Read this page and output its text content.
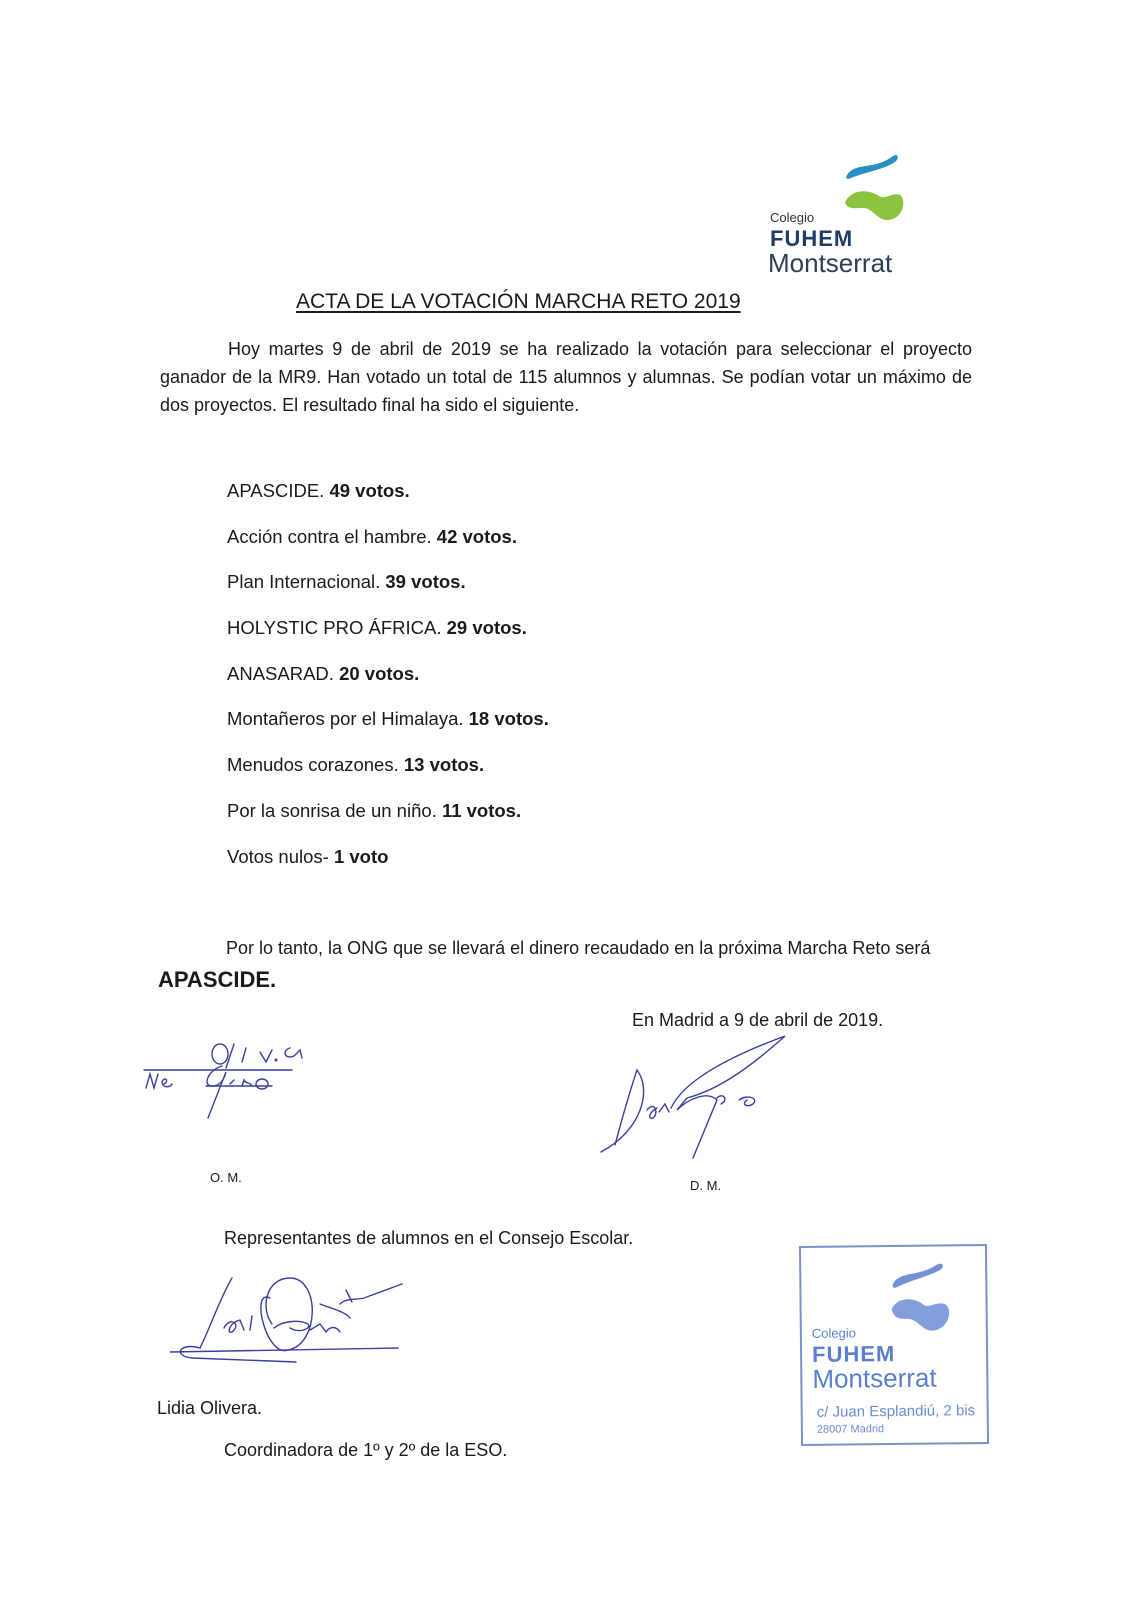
Colegio
FUHEM
Montserrat
ACTA DE LA VOTACIÓN MARCHA RETO 2019
Hoy martes 9 de abril de 2019 se ha realizado la votación para seleccionar el proyecto ganador de la MR9. Han votado un total de 115 alumnos y alumnas. Se podían votar un máximo de dos proyectos. El resultado final ha sido el siguiente.
APASCIDE. 49 votos.
Acción contra el hambre. 42 votos.
Plan Internacional. 39 votos.
HOLYSTIC PRO ÁFRICA. 29 votos.
ANASARAD. 20 votos.
Montañeros por el Himalaya. 18 votos.
Menudos corazones. 13 votos.
Por la sonrisa de un niño. 11 votos.
Votos nulos- 1 voto
Por lo tanto, la ONG que se llevará el dinero recaudado en la próxima Marcha Reto será APASCIDE.
En Madrid a 9 de abril de 2019.
O. M.
D. M.
Representantes de alumnos en el Consejo Escolar.
Lidia Olivera.
Coordinadora de 1º y 2º de la ESO.
Colegio
FUHEM
Montserrat
c/ Juan Esplandiú, 2 bis
28007 Madrid
